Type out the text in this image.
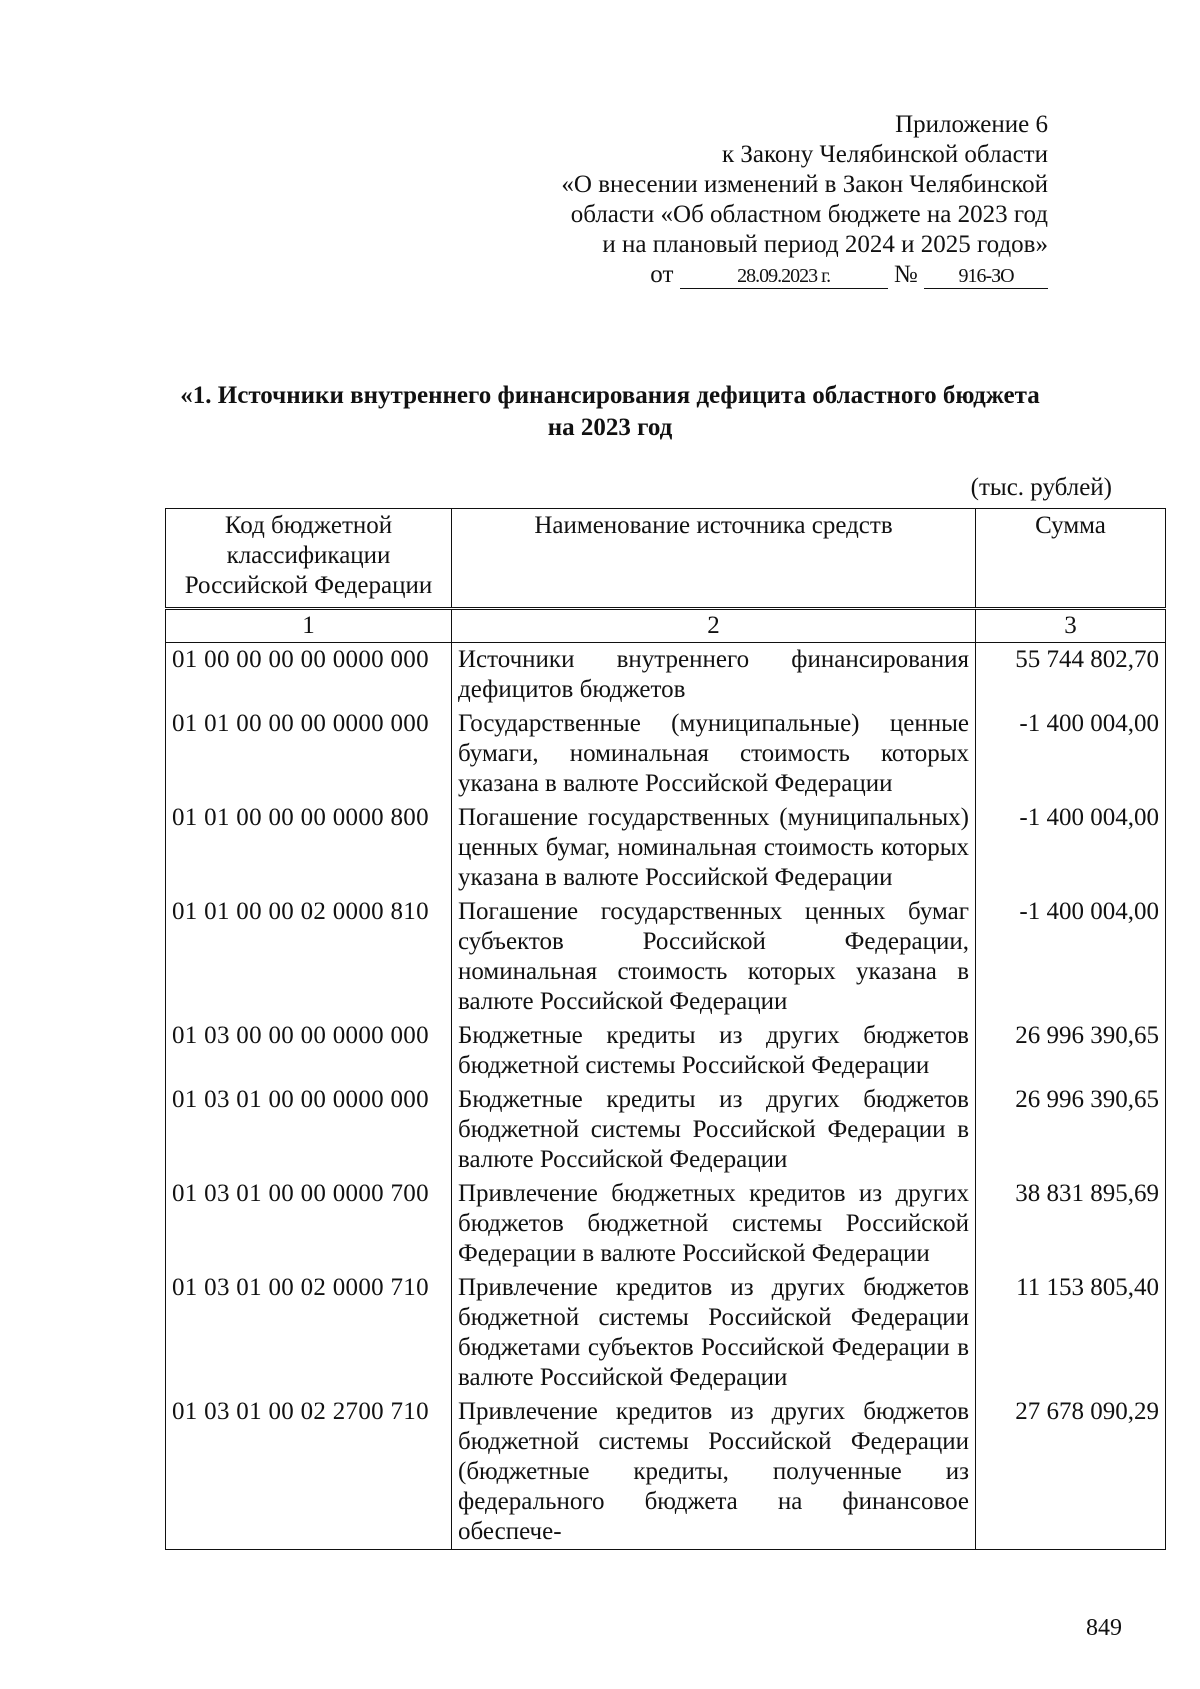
Приложение 6
к Закону Челябинской области
«О внесении изменений в Закон Челябинской
области «Об областном бюджете на 2023 год
и на плановый период 2024 и 2025 годов»
от	28.09.2023 г.	№ 916-ЗО
«1. Источники внутреннего финансирования дефицита областного бюджета
на 2023 год
(тыс. рублей)
Код бюджетной классификации Российской Федерации	Наименование источника средств	Сумма
1	2	3
01 00 00 00 00 0000 000	Источники внутреннего финансирования дефицитов бюджетов	55 744 802,70
01 01 00 00 00 0000 000	Государственные (муниципальные) ценные бумаги, номинальная стоимость которых указана в валюте Российской Федерации	-1 400 004,00
01 01 00 00 00 0000 800	Погашение государственных (муниципальных) ценных бумаг, номинальная стоимость которых указана в валюте Российской Федерации	-1 400 004,00
01 01 00 00 02 0000 810	Погашение государственных ценных бумаг субъектов Российской Федерации, номинальная стоимость которых указана в валюте Российской Федерации	-1 400 004,00
01 03 00 00 00 0000 000	Бюджетные кредиты из других бюджетов бюджетной системы Российской Федерации	26 996 390,65
01 03 01 00 00 0000 000	Бюджетные кредиты из других бюджетов бюджетной системы Российской Федерации в валюте Российской Федерации	26 996 390,65
01 03 01 00 00 0000 700	Привлечение бюджетных кредитов из других бюджетов бюджетной системы Российской Федерации в валюте Российской Федерации	38 831 895,69
01 03 01 00 02 0000 710	Привлечение кредитов из других бюджетов бюджетной системы Российской Федерации бюджетами субъектов Российской Федерации в валюте Российской Федерации	11 153 805,40
01 03 01 00 02 2700 710	Привлечение кредитов из других бюджетов бюджетной системы Российской Федерации (бюджетные кредиты, полученные из федерального бюджета на финансовое обеспече-	27 678 090,29
849
